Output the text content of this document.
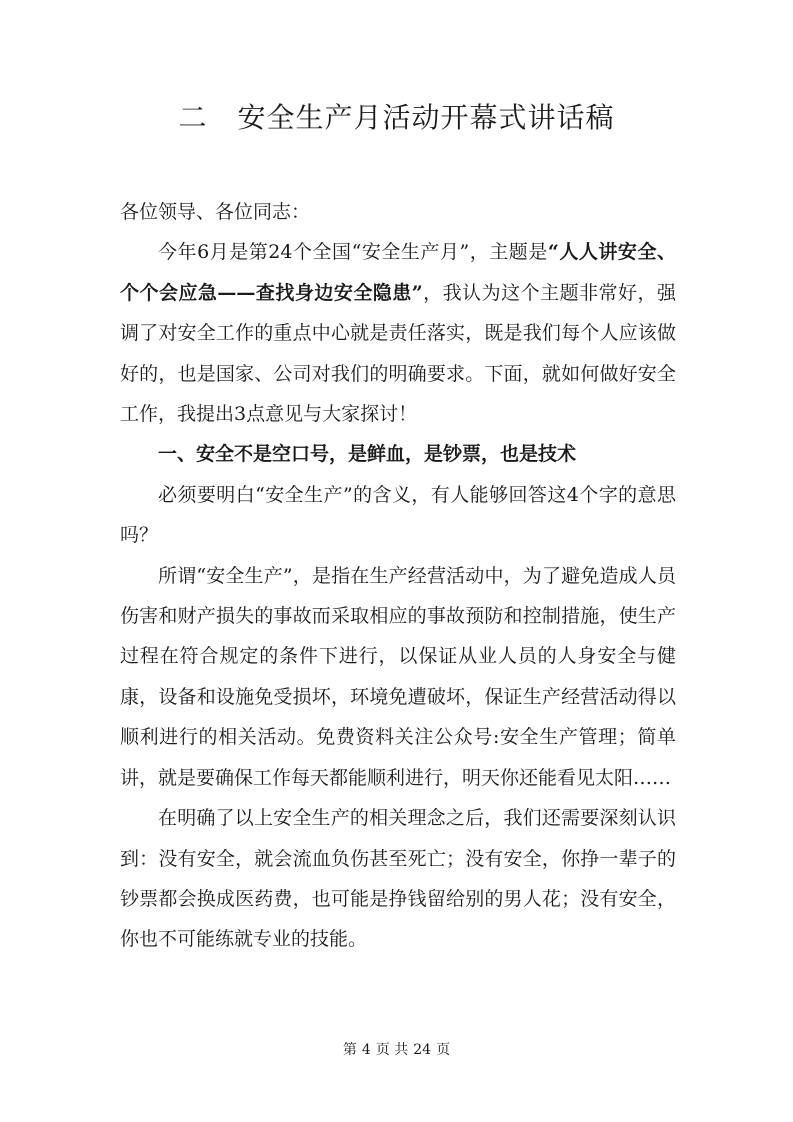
二 安全生产月活动开幕式讲话稿

各位领导、各位同志：

今年6月是第24个全国“安全生产月”，主题是“人人讲安全、个个会应急——查找身边安全隐患”，我认为这个主题非常好，强调了对安全工作的重点中心就是责任落实，既是我们每个人应该做好的，也是国家、公司对我们的明确要求。下面，就如何做好安全工作，我提出3点意见与大家探讨！

一、安全不是空口号，是鲜血，是钞票，也是技术

必须要明白“安全生产”的含义，有人能够回答这4个字的意思吗？

所谓“安全生产”，是指在生产经营活动中，为了避免造成人员伤害和财产损失的事故而采取相应的事故预防和控制措施，使生产过程在符合规定的条件下进行，以保证从业人员的人身安全与健康，设备和设施免受损坏，环境免遭破坏，保证生产经营活动得以顺利进行的相关活动。免费资料关注公众号:安全生产管理；简单讲，就是要确保工作每天都能顺利进行，明天你还能看见太阳……

在明确了以上安全生产的相关理念之后，我们还需要深刻认识到：没有安全，就会流血负伤甚至死亡；没有安全，你挣一辈子的钞票都会换成医药费，也可能是挣钱留给别的男人花；没有安全，你也不可能练就专业的技能。

第 4 页 共 24 页
